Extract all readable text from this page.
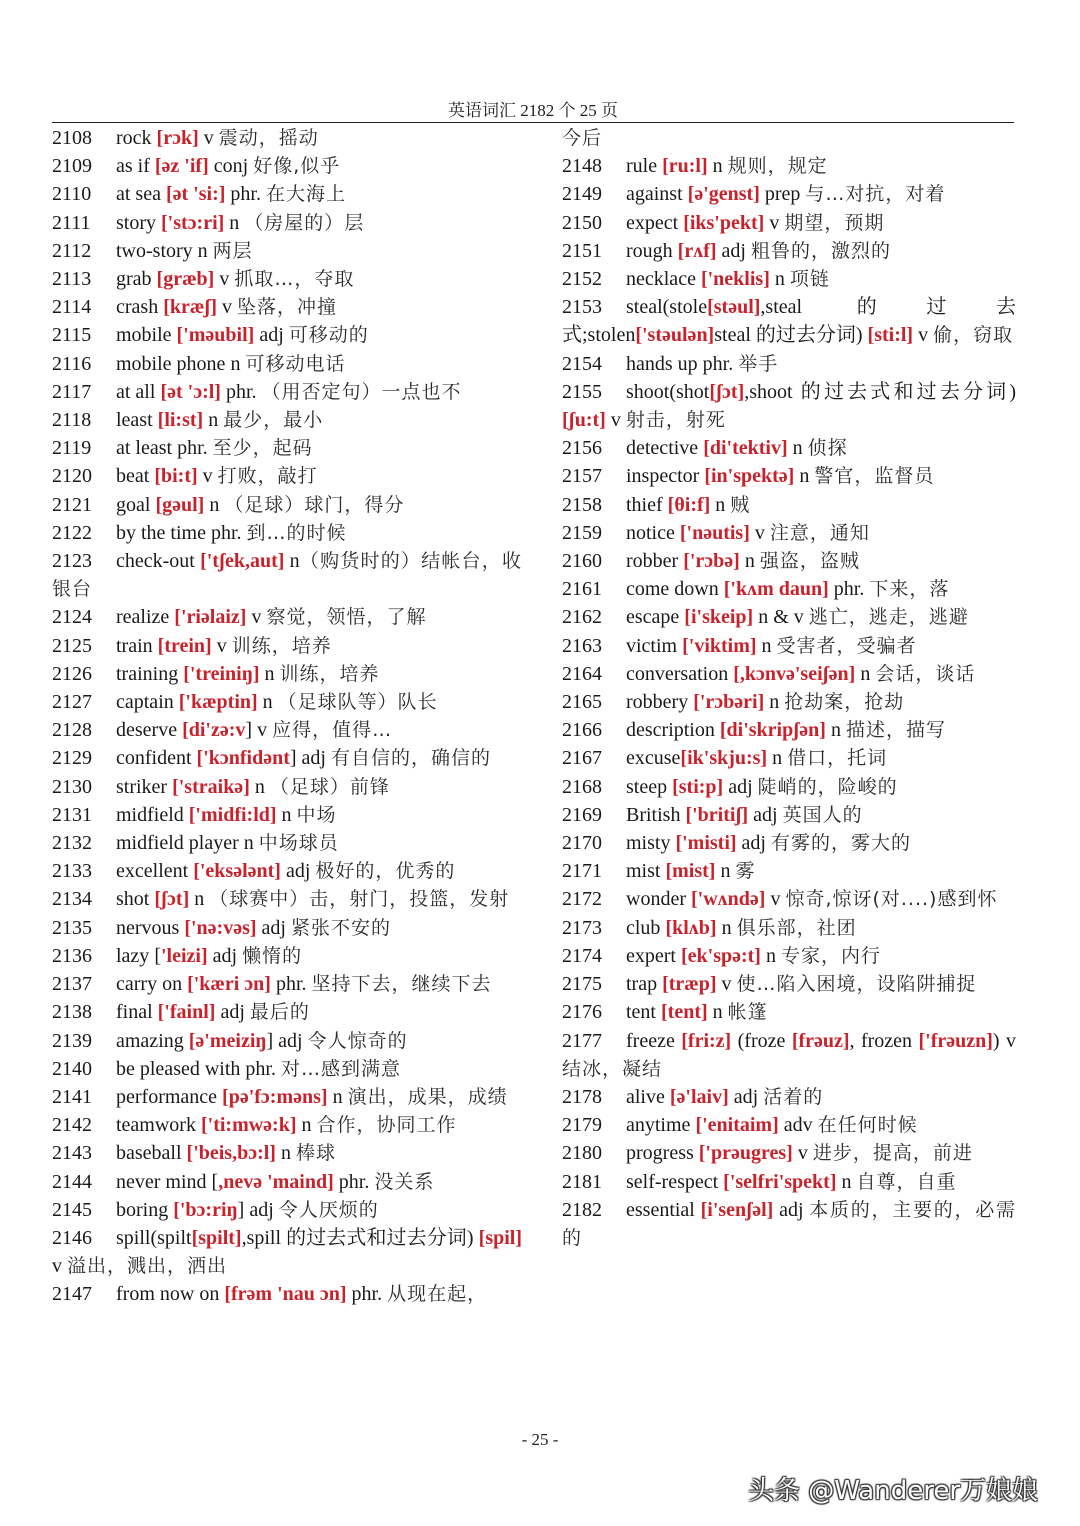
英语词汇 2182 个 25 页
2108 rock [rɔk] v 震动，摇动
2109 as if [əz 'if] conj 好像,似乎
2110 at sea [ət 'si:] phr. 在大海上
2111 story ['stɔ:ri] n （房屋的）层
2112 two-story n 两层
2113 grab [græb] v 抓取…，夺取
2114 crash [kræʃ] v 坠落，冲撞
2115 mobile ['məubil] adj 可移动的
2116 mobile phone n 可移动电话
2117 at all [ət 'ɔ:l] phr. （用否定句）一点也不
2118 least [li:st] n 最少，最小
2119 at least phr. 至少，起码
2120 beat [bi:t] v 打败，敲打
2121 goal [gəul] n （足球）球门，得分
2122 by the time phr. 到…的时候
2123 check-out ['tʃek,aut] n（购货时的）结帐台，收银台
2124 realize ['riəlaiz] v 察觉，领悟，了解
2125 train [trein] v 训练，培养
2126 training ['treiniŋ] n 训练，培养
2127 captain ['kæptin] n （足球队等）队长
2128 deserve [di'zə:v] v 应得，值得…
2129 confident ['kɔnfidənt] adj 有自信的，确信的
2130 striker ['straikə] n （足球）前锋
2131 midfield ['midfi:ld] n 中场
2132 midfield player n 中场球员
2133 excellent ['eksələnt] adj 极好的，优秀的
2134 shot [ʃɔt] n （球赛中）击，射门，投篮，发射
2135 nervous ['nə:vəs] adj 紧张不安的
2136 lazy ['leizi] adj 懒惰的
2137 carry on ['kæri ɔn] phr. 坚持下去，继续下去
2138 final ['fainl] adj 最后的
2139 amazing [ə'meiziŋ] adj 令人惊奇的
2140 be pleased with phr. 对…感到满意
2141 performance [pə'fɔ:məns] n 演出，成果，成绩
2142 teamwork ['ti:mwə:k] n 合作，协同工作
2143 baseball ['beis,bɔ:l] n 棒球
2144 never mind [,nevə 'maind] phr. 没关系
2145 boring ['bɔ:riŋ] adj 令人厌烦的
2146 spill(spilt[spilt],spill 的过去式和过去分词) [spil] v 溢出，溅出，洒出
2147 from now on [frəm 'nau ɔn] phr. 从现在起，
今后
2148 rule [ru:l] n 规则，规定
2149 against [ə'genst] prep 与…对抗，对着
2150 expect [iks'pekt] v 期望，预期
2151 rough [rʌf] adj 粗鲁的，激烈的
2152 necklace ['neklis] n 项链
2153 steal(stole[stəul],steal 的过去式;stolen['stəulən]steal 的过去分词) [sti:l] v 偷，窃取
2154 hands up phr. 举手
2155 shoot(shot[ʃɔt],shoot 的过去式和过去分词)[ʃu:t] v 射击，射死
2156 detective [di'tektiv] n 侦探
2157 inspector [in'spektə] n 警官，监督员
2158 thief [θi:f] n 贼
2159 notice ['nəutis] v 注意，通知
2160 robber ['rɔbə] n 强盗，盗贼
2161 come down ['kʌm daun] phr. 下来，落
2162 escape [i'skeip] n & v 逃亡，逃走，逃避
2163 victim ['viktim] n 受害者，受骗者
2164 conversation [,kɔnvə'seiʃən] n 会话，谈话
2165 robbery ['rɔbəri] n 抢劫案，抢劫
2166 description [di'skripʃən] n 描述，描写
2167 excuse[ik'skju:s] n 借口，托词
2168 steep [sti:p] adj 陡峭的，险峻的
2169 British ['britiʃ] adj 英国人的
2170 misty ['misti] adj 有雾的，雾大的
2171 mist [mist] n 雾
2172 wonder ['wʌndə] v 惊奇,惊讶(对....)感到怀
2173 club [klʌb] n 俱乐部，社团
2174 expert [ek'spə:t] n 专家，内行
2175 trap [træp] v 使…陷入困境，设陷阱捕捉
2176 tent [tent] n 帐篷
2177 freeze [fri:z] (froze [frəuz], frozen ['frəuzn]) v 结冰，凝结
2178 alive [ə'laiv] adj 活着的
2179 anytime ['enitaim] adv 在任何时候
2180 progress ['prəugres] v 进步，提高，前进
2181 self-respect ['selfri'spekt] n 自尊，自重
2182 essential [i'senʃəl] adj 本质的，主要的，必需的
- 25 -
头条 @Wanderer万娘娘
